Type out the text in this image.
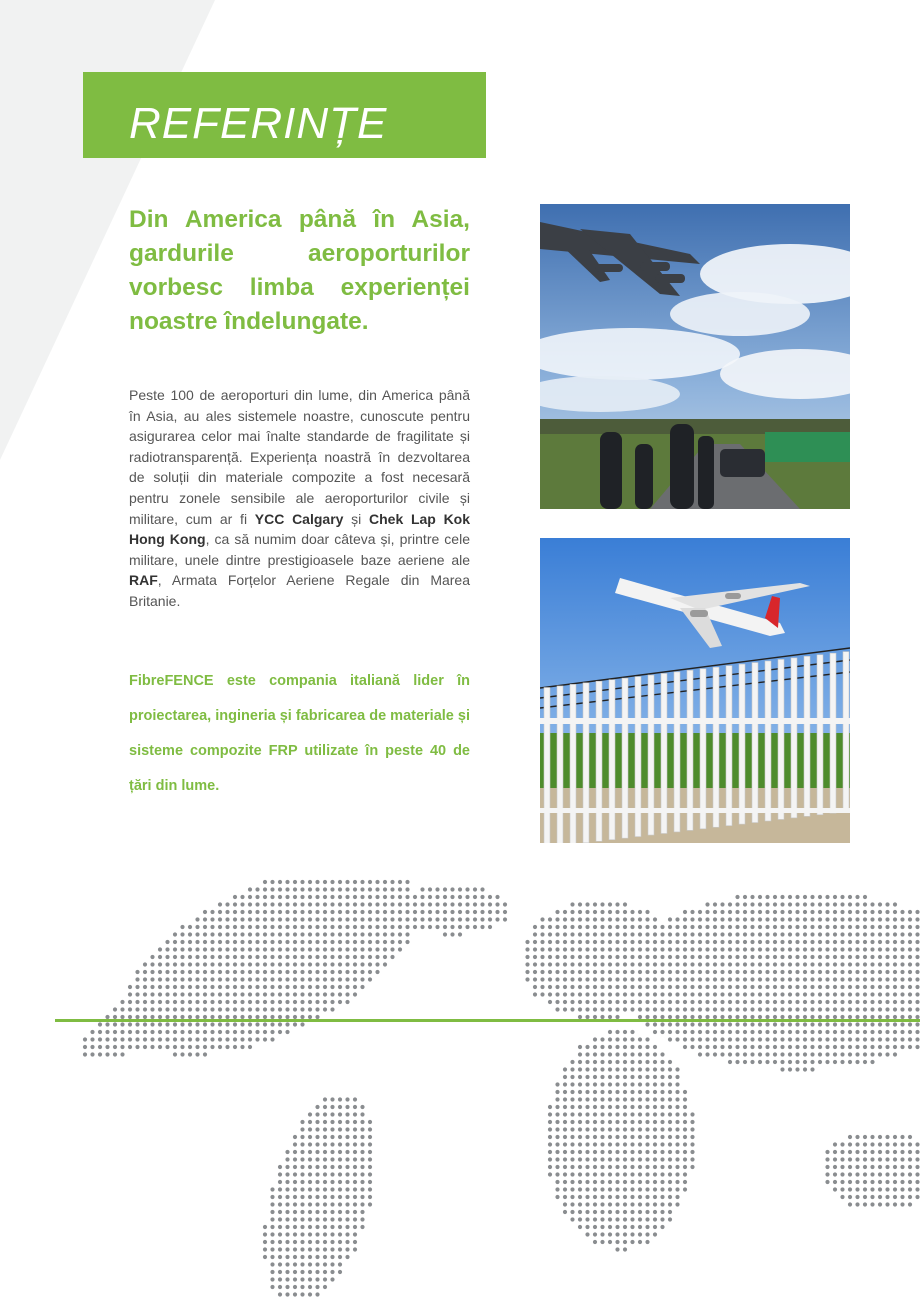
REFERINȚE
Din America până în Asia, gardurile aeroporturilor vorbesc limba experienței noastre îndelungate.
Peste 100 de aeroporturi din lume, din America până în Asia, au ales sistemele noastre, cunoscute pentru asigurarea celor mai înalte standarde de fragilitate și radiotransparență. Experiența noastră în dezvoltarea de soluții din materiale compozite a fost necesară pentru zonele sensibile ale aeroporturilor civile și militare, cum ar fi YCC Calgary și Chek Lap Kok Hong Kong, ca să numim doar câteva și, printre cele militare, unele dintre prestigioasele baze aeriene ale RAF, Armata Forțelor Aeriene Regale din Marea Britanie.
FibreFENCE este compania italiană lider în proiectarea, ingineria și fabricarea de materiale și sisteme compozite FRP utilizate în peste 40 de țări din lume.
